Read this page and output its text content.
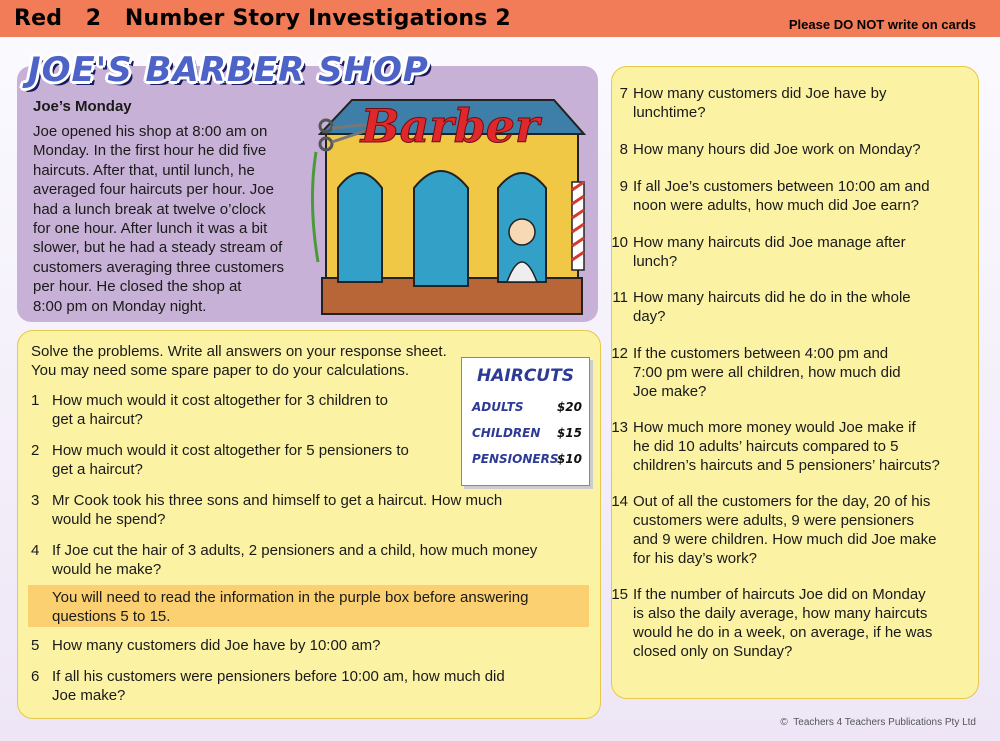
Red   2   Number Story Investigations 2	Please DO NOT write on cards
JOE'S BARBER SHOP
Joe’s Monday
Joe opened his shop at 8:00 am on
Monday. In the first hour he did five
haircuts. After that, until lunch, he
averaged four haircuts per hour. Joe
had a lunch break at twelve o’clock
for one hour. After lunch it was a bit
slower, but he had a steady stream of
customers averaging three customers
per hour. He closed the shop at
8:00 pm on Monday night.
Barber
Solve the problems. Write all answers on your response sheet.
You may need some spare paper to do your calculations.
1 How much would it cost altogether for 3 children to
get a haircut?
2 How much would it cost altogether for 5 pensioners to
get a haircut?
3 Mr Cook took his three sons and himself to get a haircut. How much
would he spend?
4 If Joe cut the hair of 3 adults, 2 pensioners and a child, how much money
would he make?
You will need to read the information in the purple box before answering
questions 5 to 15.
5 How many customers did Joe have by 10:00 am?
6 If all his customers were pensioners before 10:00 am, how much did
Joe make?
HAIRCUTS
ADULTS	$20
CHILDREN $15
PENSIONERS
$10
7 How many customers did Joe have by
lunchtime?
8 How many hours did Joe work on Monday?
9 If all Joe’s customers between 10:00 am and
noon were adults, how much did Joe earn?
10 How many haircuts did Joe manage after
lunch?
11 How many haircuts did he do in the whole
day?
12 If the customers between 4:00 pm and
7:00 pm were all children, how much did
Joe make?
13 How much more money would Joe make if
he did 10 adults’ haircuts compared to 5
children’s haircuts and 5 pensioners’ haircuts?
14 Out of all the customers for the day, 20 of his
customers were adults, 9 were pensioners
and 9 were children. How much did Joe make
for his day’s work?
15 If the number of haircuts Joe did on Monday
is also the daily average, how many haircuts
would he do in a week, on average, if he was
closed only on Sunday?
© Teachers 4 Teachers Publications Pty Ltd
